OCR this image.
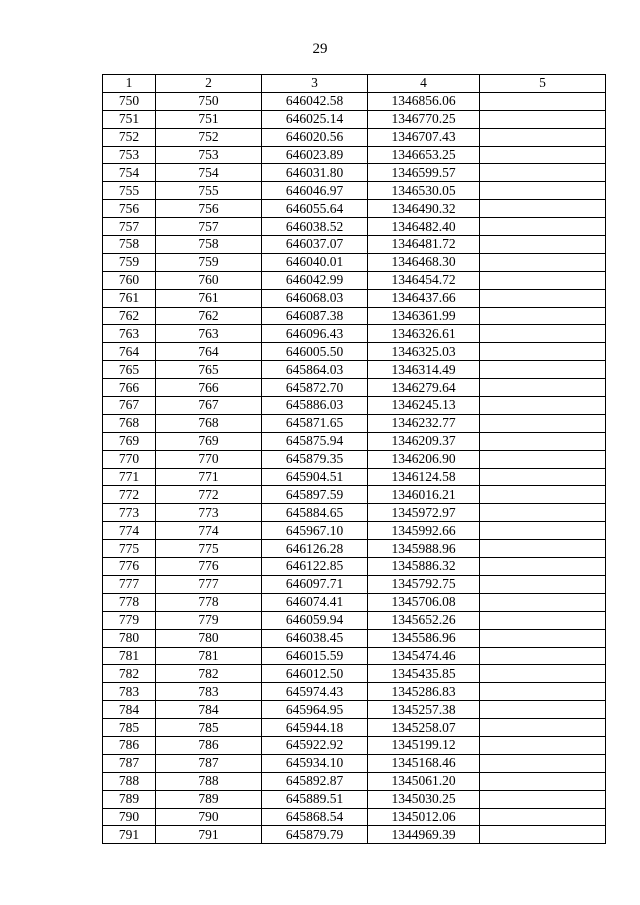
29
1	2	3	4	5
750	750	646042.58	1346856.06	
751	751	646025.14	1346770.25	
752	752	646020.56	1346707.43	
753	753	646023.89	1346653.25	
754	754	646031.80	1346599.57	
755	755	646046.97	1346530.05	
756	756	646055.64	1346490.32	
757	757	646038.52	1346482.40	
758	758	646037.07	1346481.72	
759	759	646040.01	1346468.30	
760	760	646042.99	1346454.72	
761	761	646068.03	1346437.66	
762	762	646087.38	1346361.99	
763	763	646096.43	1346326.61	
764	764	646005.50	1346325.03	
765	765	645864.03	1346314.49	
766	766	645872.70	1346279.64	
767	767	645886.03	1346245.13	
768	768	645871.65	1346232.77	
769	769	645875.94	1346209.37	
770	770	645879.35	1346206.90	
771	771	645904.51	1346124.58	
772	772	645897.59	1346016.21	
773	773	645884.65	1345972.97	
774	774	645967.10	1345992.66	
775	775	646126.28	1345988.96	
776	776	646122.85	1345886.32	
777	777	646097.71	1345792.75	
778	778	646074.41	1345706.08	
779	779	646059.94	1345652.26	
780	780	646038.45	1345586.96	
781	781	646015.59	1345474.46	
782	782	646012.50	1345435.85	
783	783	645974.43	1345286.83	
784	784	645964.95	1345257.38	
785	785	645944.18	1345258.07	
786	786	645922.92	1345199.12	
787	787	645934.10	1345168.46	
788	788	645892.87	1345061.20	
789	789	645889.51	1345030.25	
790	790	645868.54	1345012.06	
791	791	645879.79	1344969.39	
